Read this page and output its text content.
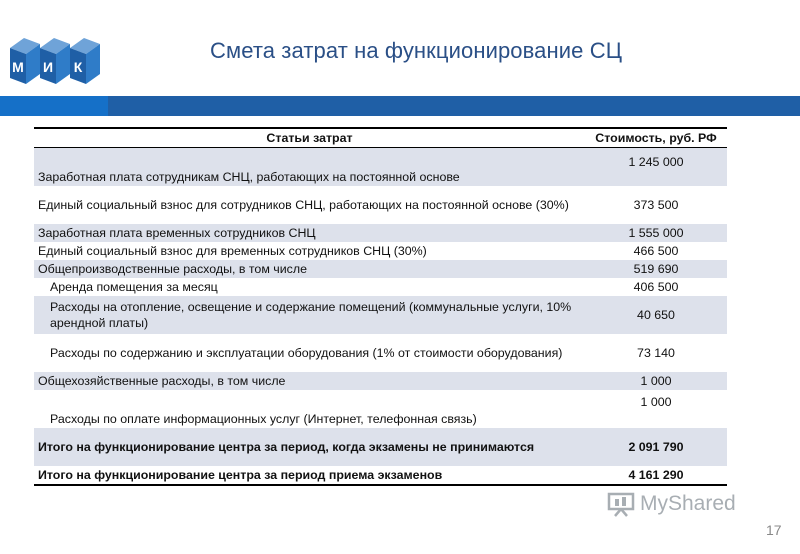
М И К
Смета затрат на функционирование СЦ
Статьи затрат	Стоимость, руб. РФ
Заработная плата сотрудникам СНЦ, работающих на постоянной основе	1 245 000
Единый социальный взнос для сотрудников СНЦ, работающих на постоянной основе (30%)	373 500
Заработная плата временных сотрудников СНЦ	1 555 000
Единый социальный взнос для временных сотрудников СНЦ (30%)	466 500
Общепроизводственные расходы, в том числе	519 690
Аренда помещения за месяц	406 500
Расходы на отопление, освещение и содержание помещений (коммунальные услуги, 10% арендной платы)	40 650
Расходы по содержанию и эксплуатации оборудования (1% от стоимости оборудования)	73 140
Общехозяйственные расходы, в том числе	1 000
Расходы по оплате информационных услуг (Интернет, телефонная связь)	1 000
Итого на функционирование центра за период, когда экзамены не принимаются	2 091 790
Итого на функционирование центра за период приема экзаменов	4 161 290
MyShared
17
